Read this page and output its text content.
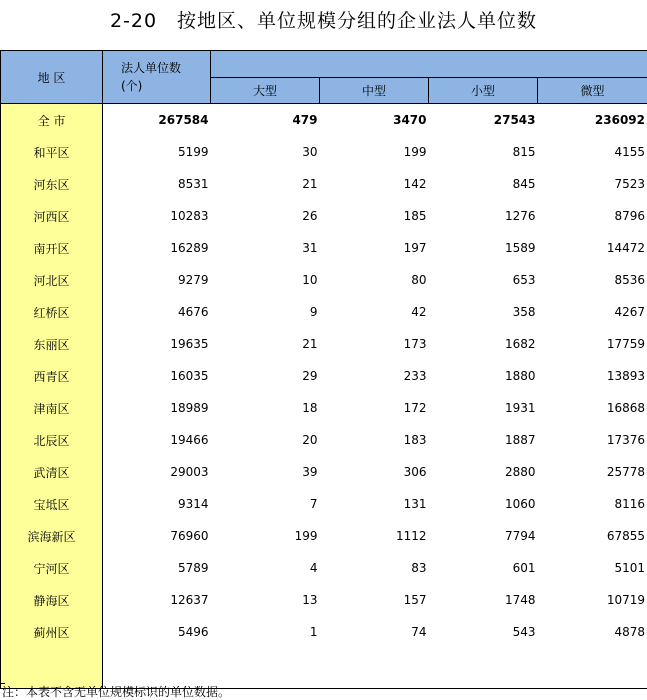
2-20　按地区、单位规模分组的企业法人单位数
地 区	法人单位数
(个)				

		大型	中型	小型	微型
全 市	267584	479	3470	27543	236092
和平区	5199	30	199	815	4155
河东区	8531	21	142	845	7523
河西区	10283	26	185	1276	8796
南开区	16289	31	197	1589	14472
河北区	9279	10	80	653	8536
红桥区	4676	9	42	358	4267
东丽区	19635	21	173	1682	17759
西青区	16035	29	233	1880	13893
津南区	18989	18	172	1931	16868
北辰区	19466	20	183	1887	17376
武清区	29003	39	306	2880	25778
宝坻区	9314	7	131	1060	8116
滨海新区	76960	199	1112	7794	67855
宁河区	5789	4	83	601	5101
静海区	12637	13	157	1748	10719
蓟州区	5496	1	74	543	4878

注：本表不含无单位规模标识的单位数据。
